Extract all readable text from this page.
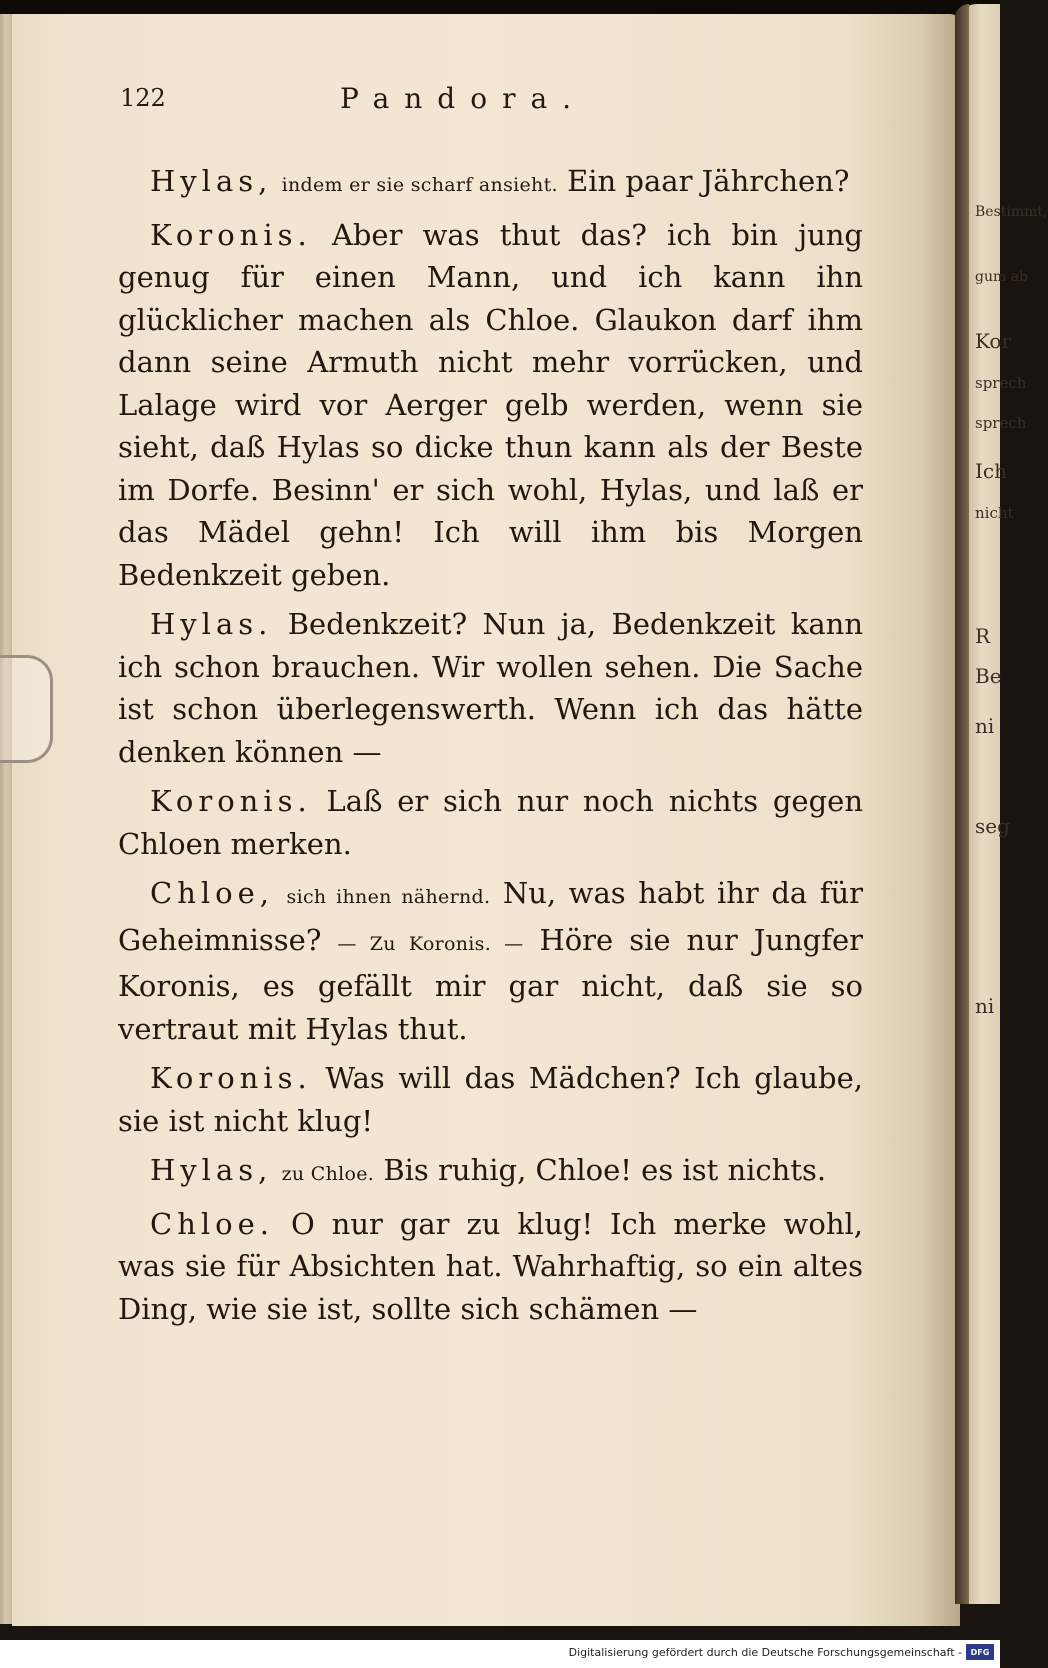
Bestimmt,
gum ab
Kor
sprech
sprech
Ich
nicht
R
Be
ni
seg
ni
122	Pandora.

Hylas, indem er sie scharf ansieht. Ein paar Jährchen?

Koronis. Aber was thut das? ich bin jung genug für einen Mann, und ich kann ihn glücklicher machen als Chloe. Glaukon darf ihm dann seine Armuth nicht mehr vorrücken, und Lalage wird vor Aerger gelb werden, wenn sie sieht, daß Hylas so dicke thun kann als der Beste im Dorfe. Besinn' er sich wohl, Hylas, und laß er das Mädel gehn! Ich will ihm bis Morgen Bedenkzeit geben.

Hylas. Bedenkzeit? Nun ja, Bedenkzeit kann ich schon brauchen. Wir wollen sehen. Die Sache ist schon überlegenswerth. Wenn ich das hätte denken können —

Koronis. Laß er sich nur noch nichts gegen Chloen merken.

Chloe, sich ihnen nähernd. Nu, was habt ihr da für Geheimnisse? — Zu Koronis. — Höre sie nur Jungfer Koronis, es gefällt mir gar nicht, daß sie so vertraut mit Hylas thut.

Koronis. Was will das Mädchen? Ich glaube, sie ist nicht klug!

Hylas, zu Chloe. Bis ruhig, Chloe! es ist nichts.

Chloe. O nur gar zu klug! Ich merke wohl, was sie für Absichten hat. Wahrhaftig, so ein altes Ding, wie sie ist, sollte sich schämen —

Digitalisierung gefördert durch die Deutsche Forschungsgemeinschaft -	DFG
